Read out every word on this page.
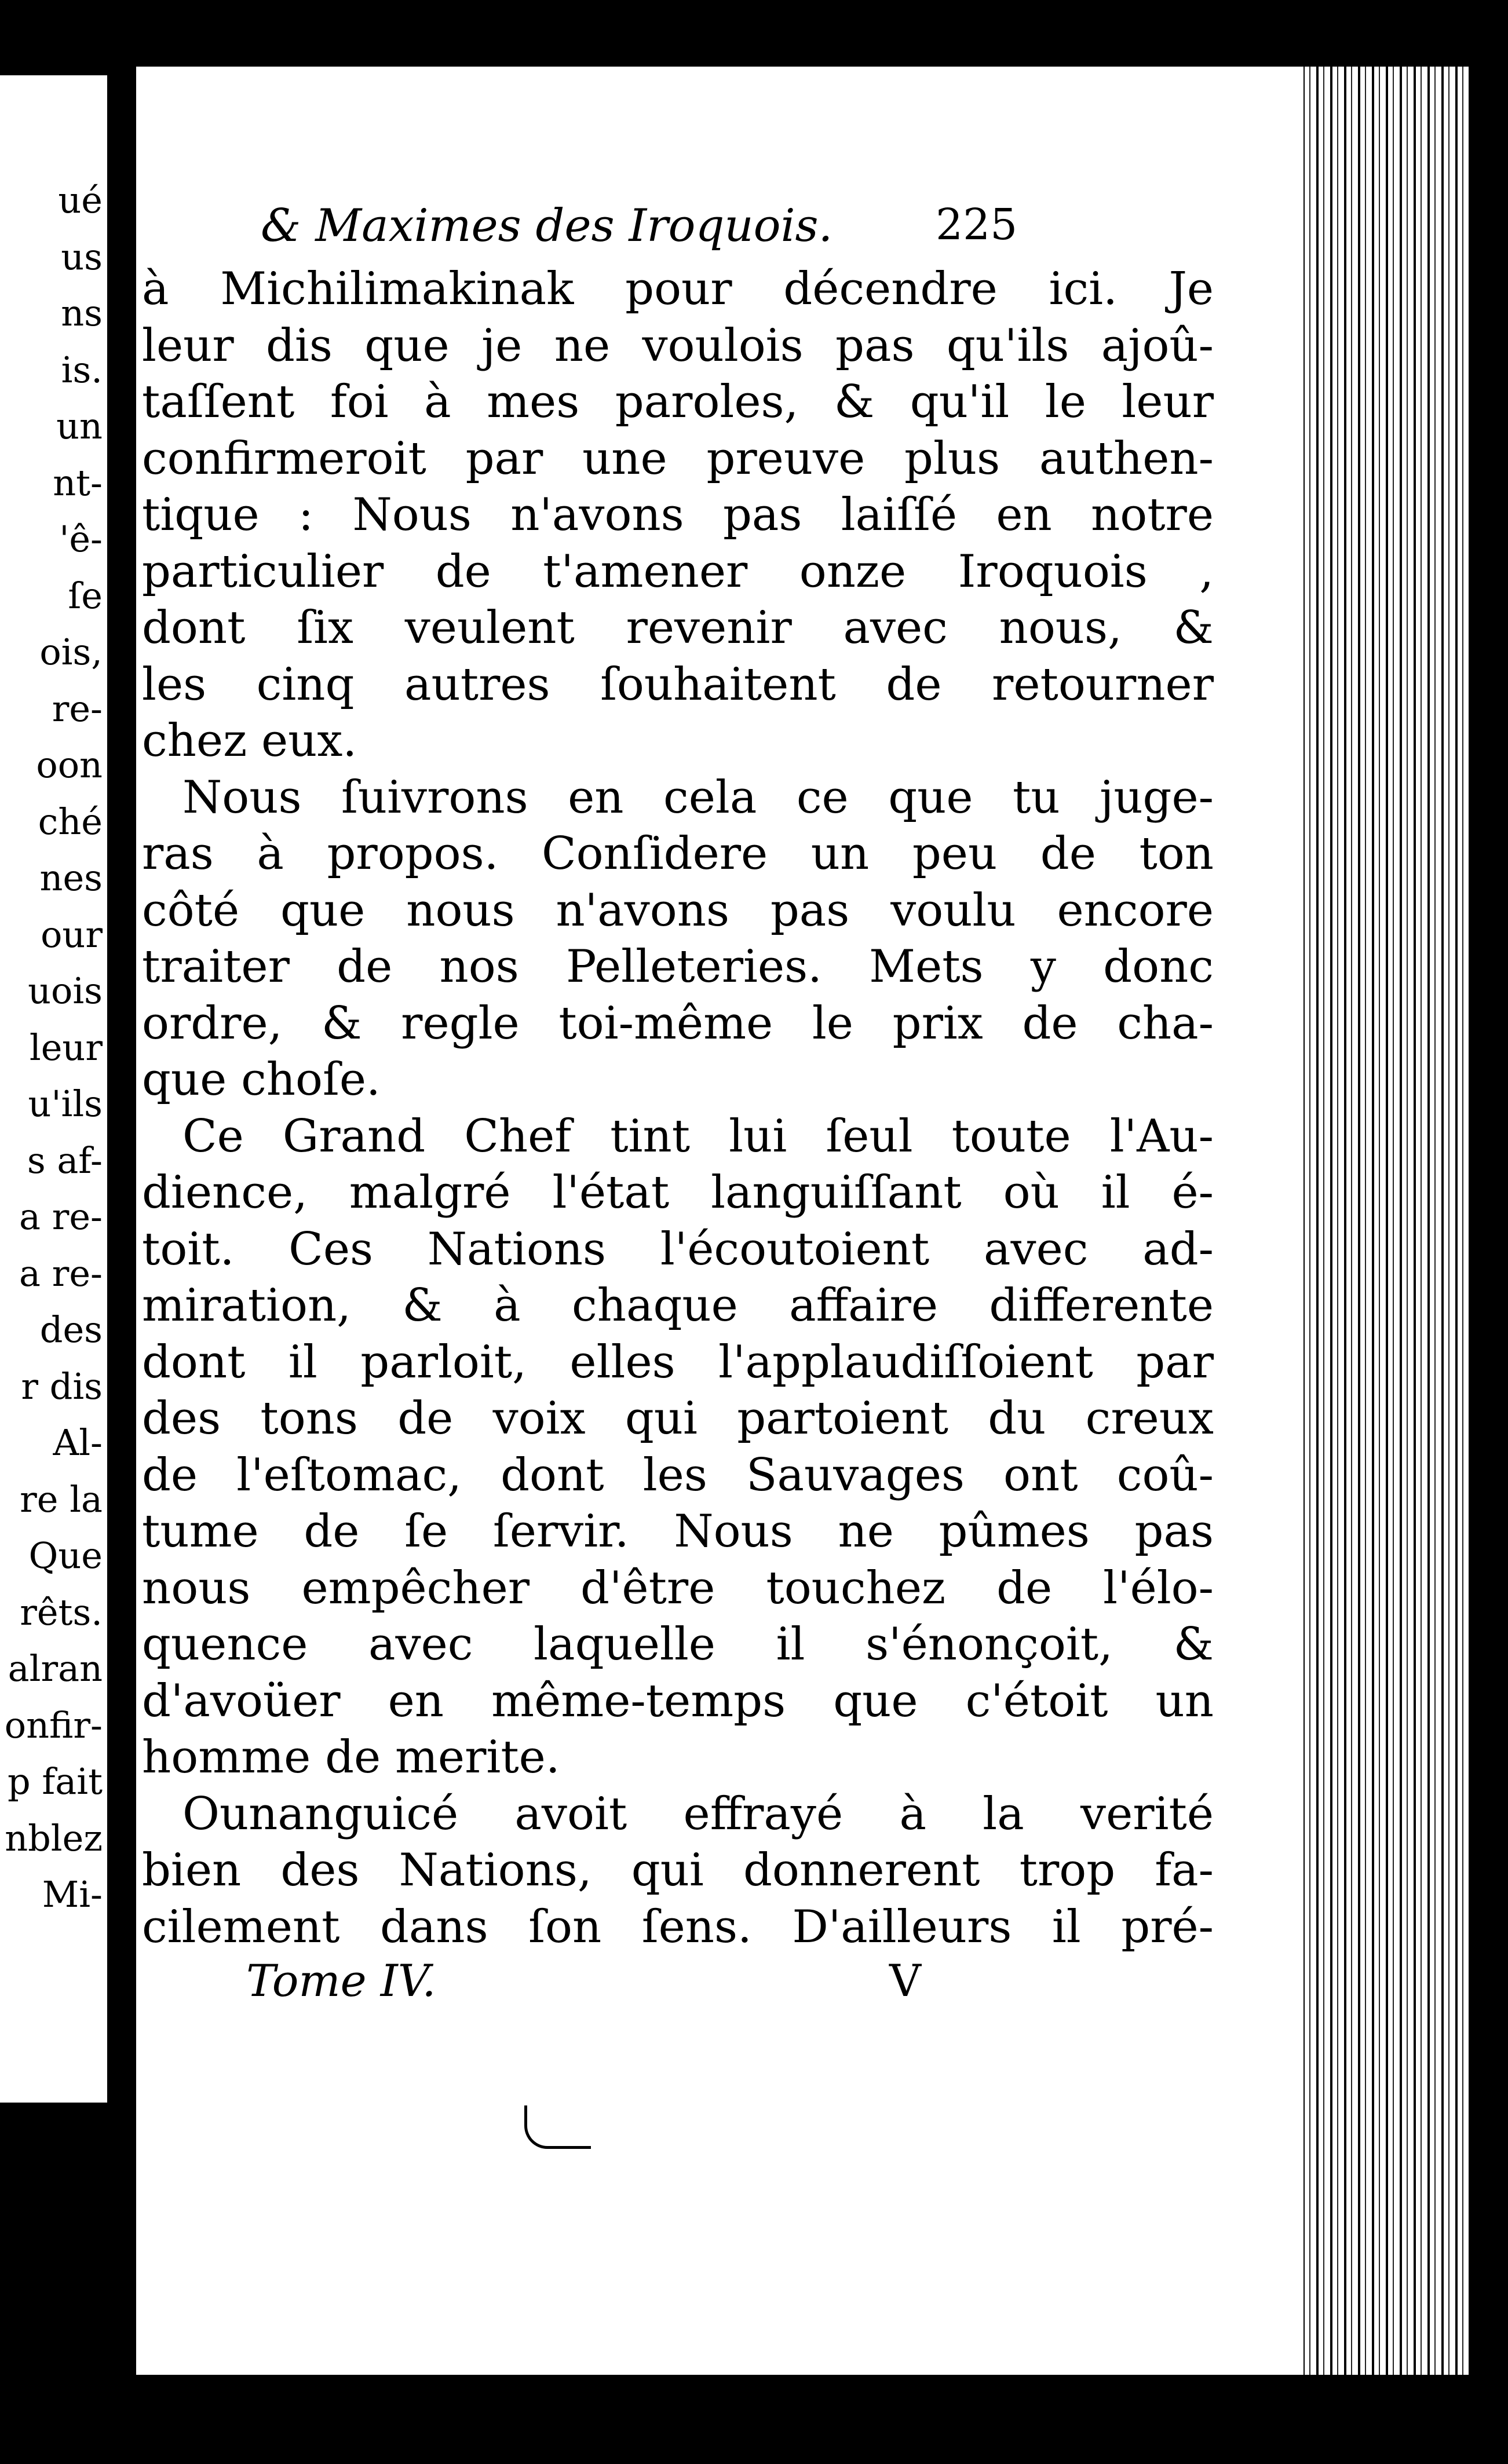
ué
us
ns
is.
un
nt-
'ê-
ſe
ois,
re-
oon
ché
nes
our
uois
leur
u'ils
s af-
a re-
a re-
des
r dis
Al-
re la
Que
rêts.
alran
onfir-
p fait
nblez
Mi-
& Maximes des Iroquois. 225
à Michilimakinak pour décendre ici. Je
leur dis que je ne voulois pas qu'ils ajoû-
taſſent foi à mes paroles, & qu'il le leur
confirmeroit par une preuve plus authen-
tique : Nous n'avons pas laiſſé en notre
particulier de t'amener onze Iroquois ,
dont ſix veulent revenir avec nous, &
les cinq autres ſouhaitent de retourner
chez eux.
Nous ſuivrons en cela ce que tu juge-
ras à propos. Conſidere un peu de ton
côté que nous n'avons pas voulu encore
traiter de nos Pelleteries. Mets y donc
ordre, & regle toi-même le prix de cha-
que choſe.
Ce Grand Chef tint lui ſeul toute l'Au-
dience, malgré l'état languiſſant où il é-
toit. Ces Nations l'écoutoient avec ad-
miration, & à chaque affaire differente
dont il parloit, elles l'applaudiſſoient par
des tons de voix qui partoient du creux
de l'eſtomac, dont les Sauvages ont coû-
tume de ſe ſervir. Nous ne pûmes pas
nous empêcher d'être touchez de l'élo-
quence avec laquelle il s'énonçoit, &
d'avoüer en même-temps que c'étoit un
homme de merite.
Ounanguicé avoit effrayé à la verité
bien des Nations, qui donnerent trop fa-
cilement dans ſon ſens. D'ailleurs il pré-
Tome IV.	V
